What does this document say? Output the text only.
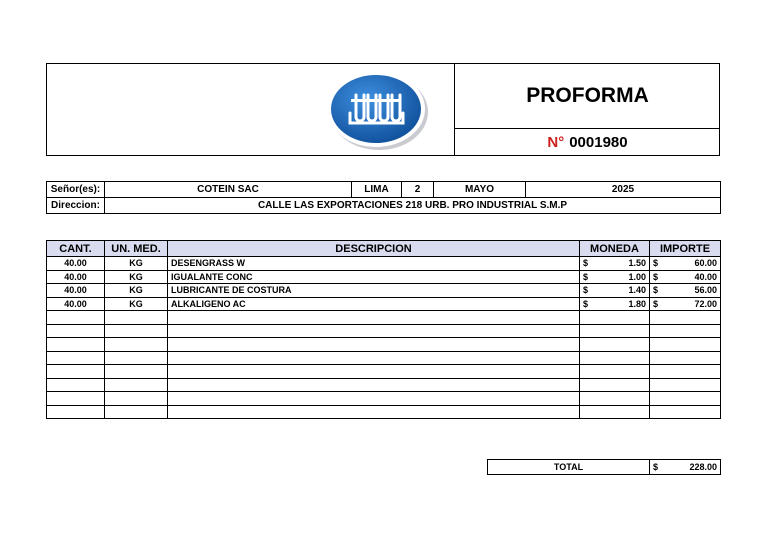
PROFORMA
N° 0001980
Señor(es):	COTEIN SAC	LIMA	2	MAYO	2025
Direccion:	CALLE LAS EXPORTACIONES 218 URB. PRO INDUSTRIAL S.M.P				
CANT.	UN. MED.	DESCRIPCION	MONEDA	IMPORTE
40.00	KG	DESENGRASS W	$ 1.50	$ 60.00

40.00	KG	IGUALANTE CONC	$ 1.00	$ 40.00

40.00	KG	LUBRICANTE DE COSTURA	$ 1.40	$ 56.00

40.00	KG	ALKALIGENO AC	$ 1.80	$ 72.00

TOTAL	$	228.00
